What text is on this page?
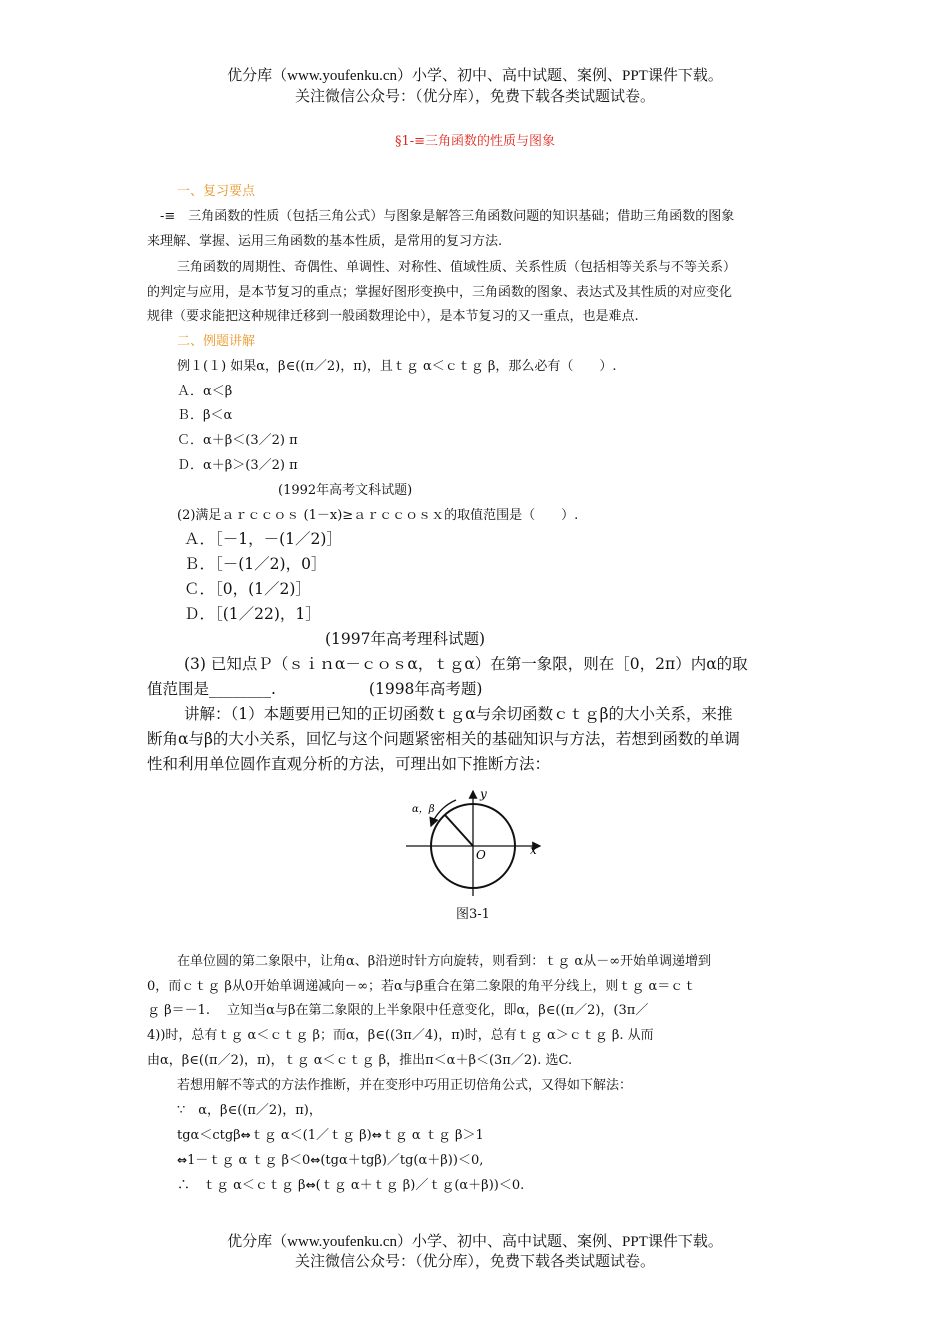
优分库（www.youfenku.cn）小学、初中、高中试题、案例、PPT课件下载。
关注微信公众号：（优分库），免费下载各类试题试卷。
§1-≡三角函数的性质与图象
一、复习要点
-≡　三角函数的性质（包括三角公式）与图象是解答三角函数问题的知识基础；借助三角函数的图象
来理解、掌握、运用三角函数的基本性质，是常用的复习方法.
三角函数的周期性、奇偶性、单调性、对称性、值域性质、关系性质（包括相等关系与不等关系）
的判定与应用，是本节复习的重点；掌握好图形变换中，三角函数的图象、表达式及其性质的对应变化
规律（要求能把这种规律迁移到一般函数理论中），是本节复习的又一重点，也是难点.
二、例题讲解
例１(１) 如果α，β∈((π／2)，π)，且ｔｇ α＜ｃｔｇ β，那么必有（　　）.
Ａ．α＜β
Ｂ．β＜α
Ｃ．α＋β＜(3／2) π
Ｄ．α＋β＞(3／2) π
(1992年高考文科试题)
(2)满足ａｒｃｃｏｓ (1－x)≥ａｒｃｃｏｓｘ的取值范围是（　　）.
Ａ．［－1，－(1／2)］
Ｂ．［－(1／2)，0］
Ｃ．［0，(1／2)］
Ｄ．［(1／22)，1］
(1997年高考理科试题)
(3) 已知点Ｐ（ｓｉｎα－ｃｏｓα，ｔｇα）在第一象限，则在［0，2π）内α的取
值范围是________.　　　　　　(1998年高考题)
讲解：（1）本题要用已知的正切函数ｔｇα与余切函数ｃｔｇβ的大小关系，来推
断角α与β的大小关系，回忆与这个问题紧密相关的基础知识与方法，若想到函数的单调
性和利用单位圆作直观分析的方法，可理出如下推断方法：
y
x
O
α，β
图3-1
在单位圆的第二象限中，让角α、β沿逆时针方向旋转，则看到：ｔｇ α从－∞开始单调递增到
0，而ｃｔｇ β从0开始单调递减向－∞；若α与β重合在第二象限的角平分线上，则ｔｇ α＝ｃｔ
ｇ β＝－1.　 立知当α与β在第二象限的上半象限中任意变化，即α，β∈((π／2)，(3π／
4))时，总有ｔｇ α＜ｃｔｇ β；而α，β∈((3π／4)，π)时，总有ｔｇ α＞ｃｔｇ β. 从而
由α，β∈((π／2)，π)，ｔｇ α＜ｃｔｇ β，推出π＜α＋β＜(3π／2). 选C.
若想用解不等式的方法作推断，并在变形中巧用正切倍角公式，又得如下解法：
∵　α，β∈((π／2)，π)，
tgα＜ctgβ⇔ｔｇ α＜(1／ｔｇ β)⇔ｔｇ α ｔｇ β＞1
⇔1－ｔｇ α ｔｇ β＜0⇔(tgα＋tgβ)／tg(α＋β))＜0,
∴　ｔｇ α＜ｃｔｇ β⇔(ｔｇ α＋ｔｇ β)／ｔｇ(α＋β))＜0.
优分库（www.youfenku.cn）小学、初中、高中试题、案例、PPT课件下载。
关注微信公众号：（优分库），免费下载各类试题试卷。
